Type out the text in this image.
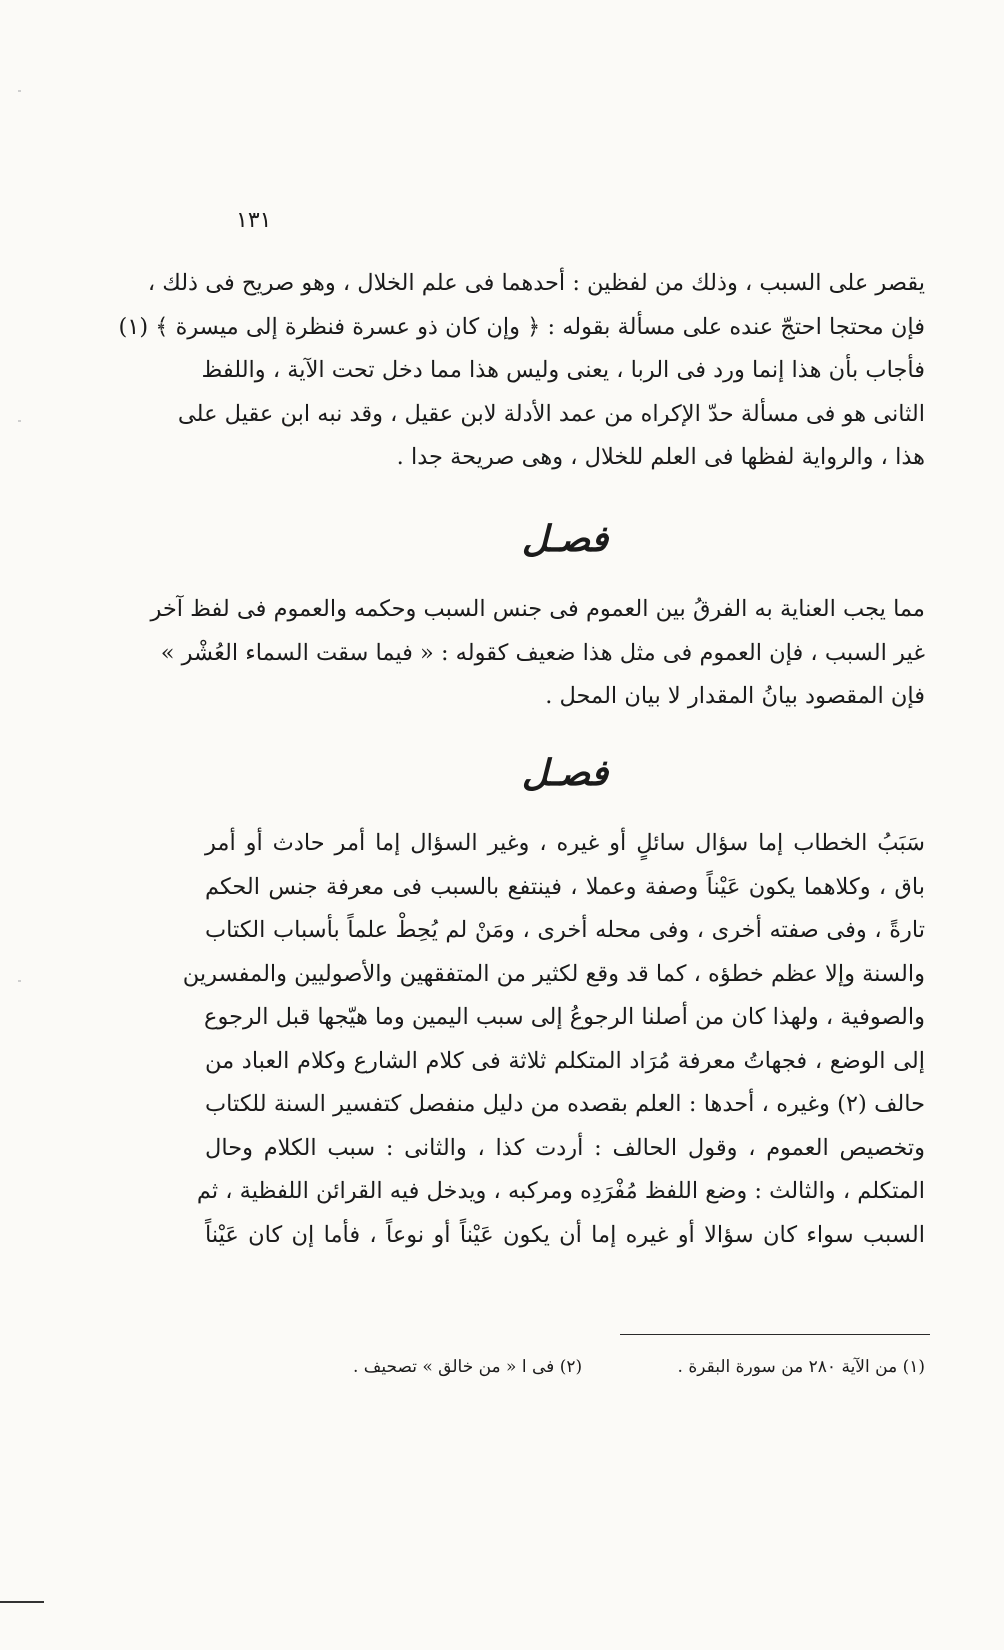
١٣١
يقصر على السبب ، وذلك من لفظين : أحدهما فى علم الخلال ، وهو صريح فى ذلك ،
فإن محتجا احتجّ عنده على مسألة بقوله : ﴿ وإن كان ذو عسرة فنظرة إلى ميسرة ﴾ (١)
فأجاب بأن هذا إنما ورد فى الربا ، يعنى وليس هذا مما دخل تحت الآية ، واللفظ
الثانى هو فى مسألة حدّ الإكراه من عمد الأدلة لابن عقيل ، وقد نبه ابن عقيل على
هذا ، والرواية لفظها فى العلم للخلال ، وهى صريحة جدا .
فصـل
مما يجب العناية به الفرقُ بين العموم فى جنس السبب وحكمه والعموم فى لفظ آخر
غير السبب ، فإن العموم فى مثل هذا ضعيف كقوله : « فيما سقت السماء العُشْر »
فإن المقصود بيانُ المقدار لا بيان المحل .
فصـل
سَبَبُ الخطاب إما سؤال سائلٍ أو غيره ، وغير السؤال إما أمر حادث أو أمر
باق ، وكلاهما يكون عَيْناً وصفة وعملا ، فينتفع بالسبب فى معرفة جنس الحكم
تارةً ، وفى صفته أخرى ، وفى محله أخرى ، ومَنْ لم يُحِطْ علماً بأسباب الكتاب
والسنة وإلا عظم خطؤه ، كما قد وقع لكثير من المتفقهين والأصوليين والمفسرين
والصوفية ، ولهذا كان من أصلنا الرجوعُ إلى سبب اليمين وما هيّجها قبل الرجوع
إلى الوضع ، فجهاتُ معرفة مُرَاد المتكلم ثلاثة فى كلام الشارع وكلام العباد من
حالف (٢) وغيره ، أحدها : العلم بقصده من دليل منفصل كتفسير السنة للكتاب
وتخصيص العموم ، وقول الحالف : أردت كذا ، والثانى : سبب الكلام وحال
المتكلم ، والثالث : وضع اللفظ مُفْرَدِه ومركبه ، ويدخل فيه القرائن اللفظية ، ثم
السبب سواء كان سؤالا أو غيره إما أن يكون عَيْناً أو نوعاً ، فأما إن كان عَيْناً
(١) من الآية ٢٨٠ من سورة البقرة . (٢) فى ا « من خالق » تصحيف .
